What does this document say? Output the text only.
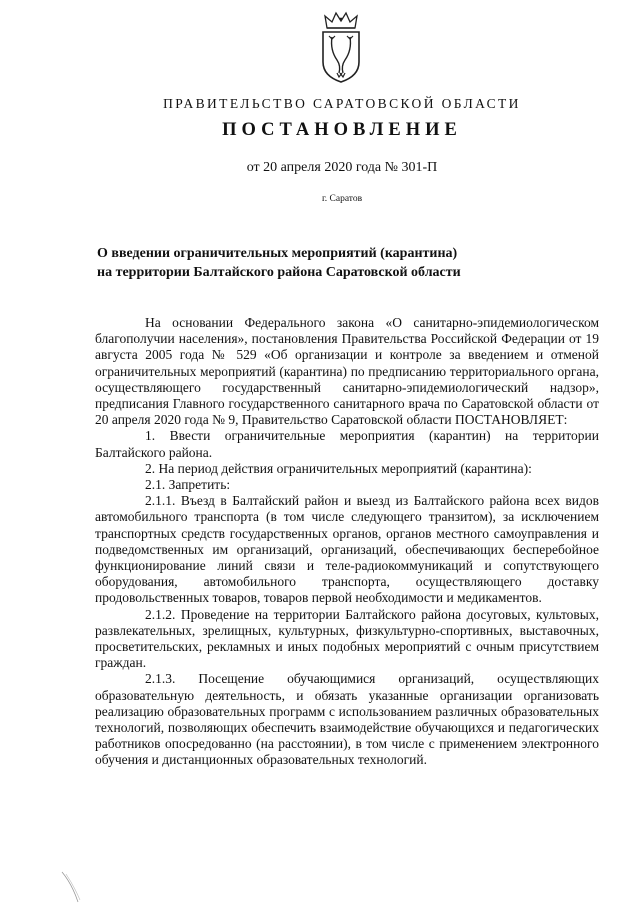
ПРАВИТЕЛЬСТВО САРАТОВСКОЙ ОБЛАСТИ
ПОСТАНОВЛЕНИЕ
от 20 апреля 2020 года № 301-П
г. Саратов
О введении ограничительных мероприятий (карантина)
на территории Балтайского района Саратовской области

На основании Федерального закона «О санитарно-эпидемиологическом благополучии населения», постановления Правительства Российской Федерации от 19 августа 2005 года № 529 «Об организации и контроле за введением и отменой ограничительных мероприятий (карантина) по предписанию территориального органа, осуществляющего государственный санитарно-эпидемиологический надзор», предписания Главного государственного санитарного врача по Саратовской области от 20 апреля 2020 года № 9, Правительство Саратовской области ПОСТАНОВЛЯЕТ:

1. Ввести ограничительные мероприятия (карантин) на территории Балтайского района.

2. На период действия ограничительных мероприятий (карантина):

2.1. Запретить:

2.1.1. Въезд в Балтайский район и выезд из Балтайского района всех видов автомобильного транспорта (в том числе следующего транзитом), за исключением транспортных средств государственных органов, органов местного самоуправления и подведомственных им организаций, организаций, обеспечивающих бесперебойное функционирование линий связи и теле-радиокоммуникаций и сопутствующего оборудования, автомобильного транспорта, осуществляющего доставку продовольственных товаров, товаров первой необходимости и медикаментов.

2.1.2. Проведение на территории Балтайского района досуговых, культовых, развлекательных, зрелищных, культурных, физкультурно-спортивных, выставочных, просветительских, рекламных и иных подобных мероприятий с очным присутствием граждан.

2.1.3. Посещение обучающимися организаций, осуществляющих образовательную деятельность, и обязать указанные организации организовать реализацию образовательных программ с использованием различных образовательных технологий, позволяющих обеспечить взаимодействие обучающихся и педагогических работников опосредованно (на расстоянии), в том числе с применением электронного обучения и дистанционных образовательных технологий.
